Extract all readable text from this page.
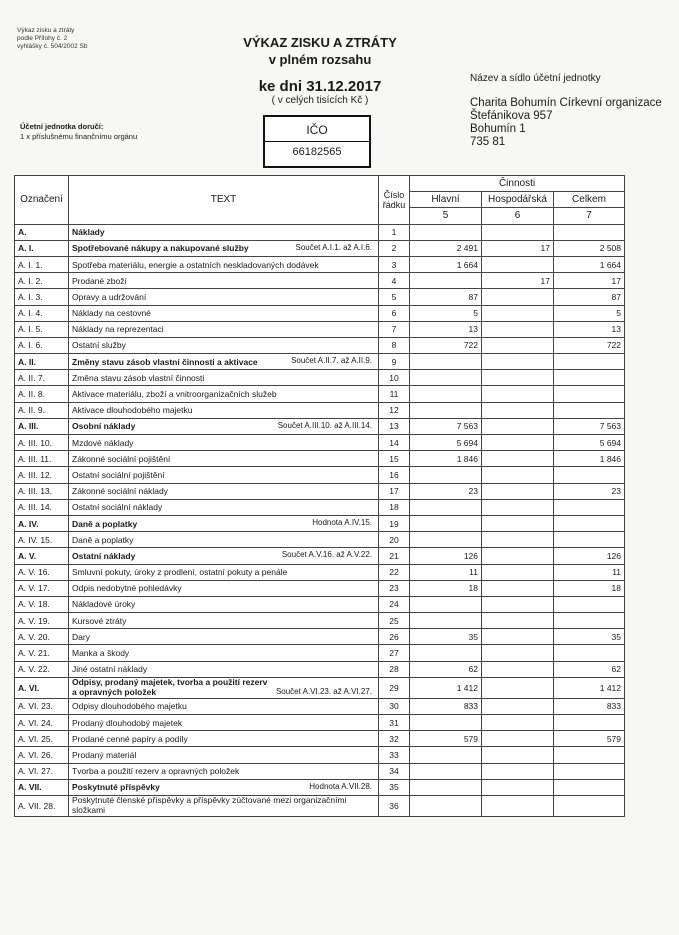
Výkaz zisku a ztráty
podle Přílohy č. 2
vyhlášky č. 504/2002 Sb	VÝKAZ ZISKU A ZTRÁTY
v plném rozsahu
ke dni 31.12.2017
( v celých tisících Kč )
Účetní jednotka doručí:
1 x příslušnému finančnímu orgánu	IČO
66182565
Název a sídlo účetní jednotky
Charita Bohumín Církevní organizace
Štefánikova 957
Bohumín 1
735 81
Označení	TEXT	Číslo řádku	Činnosti		
			Hlavní	Hospodářská	Celkem
			5	6	7
A.	Náklady	1			
A. I.	Spotřebované nákupy a nakupované služby Součet A.I.1. až A.I.6.	2	2 491	17	2 508
A. I. 1.	Spotřeba materiálu, energie a ostatních neskladovaných dodávek	3	1 664		1 664
A. I. 2.	Prodané zboží	4		17	17
A. I. 3.	Opravy a udržování	5	87		87
A. I. 4.	Náklady na cestovné	6	5		5
A. I. 5.	Náklady na reprezentaci	7	13		13
A. I. 6.	Ostatní služby	8	722		722
A. II.	Změny stavu zásob vlastní činnosti a aktivace Součet A.II.7. až A.II.9.	9			
A. II. 7.	Změna stavu zásob vlastní činnosti	10			
A. II. 8.	Aktivace materiálu, zboží a vnitroorganizačních služeb	11			
A. II. 9.	Aktivace dlouhodobého majetku	12			
A. III.	Osobní náklady Součet A.III.10. až A.III.14.	13	7 563		7 563
A. III. 10.	Mzdové náklady	14	5 694		5 694
A. III. 11.	Zákonné sociální pojištění	15	1 846		1 846
A. III. 12.	Ostatní sociální pojištění	16			
A. III. 13.	Zákonné sociální náklady	17	23		23
A. III. 14.	Ostatní sociální náklady	18			
A. IV.	Daně a poplatky Hodnota A.IV.15.	19			
A. IV. 15.	Daně a poplatky	20			
A. V.	Ostatní náklady Součet A.V.16. až A.V.22.	21	126		126
A. V. 16.	Smluvní pokuty, úroky z prodlení, ostatní pokuty a penále	22	11		11
A. V. 17.	Odpis nedobytné pohledávky	23	18		18
A. V. 18.	Nákladové úroky	24			
A. V. 19.	Kursové ztráty	25			
A. V. 20.	Dary	26	35		35
A. V. 21.	Manka a škody	27			
A. V. 22.	Jiné ostatní náklady	28	62		62
A. VI.	Odpisy, prodaný majetek, tvorba a použití rezerv a opravných položek Součet A.VI.23. až A.VI.27.	29	1 412		1 412
A. VI. 23.	Odpisy dlouhodobého majetku	30	833		833
A. VI. 24.	Prodaný dlouhodobý majetek	31			
A. VI. 25.	Prodané cenné papíry a podíly	32	579		579
A. VI. 26.	Prodaný materiál	33			
A. VI. 27.	Tvorba a použití rezerv a opravných položek	34			
A. VII.	Poskytnuté příspěvky Hodnota A.VII.28.	35			
A. VII. 28.	Poskytnuté členské příspěvky a příspěvky zúčtované mezi organizačními složkami	36			
